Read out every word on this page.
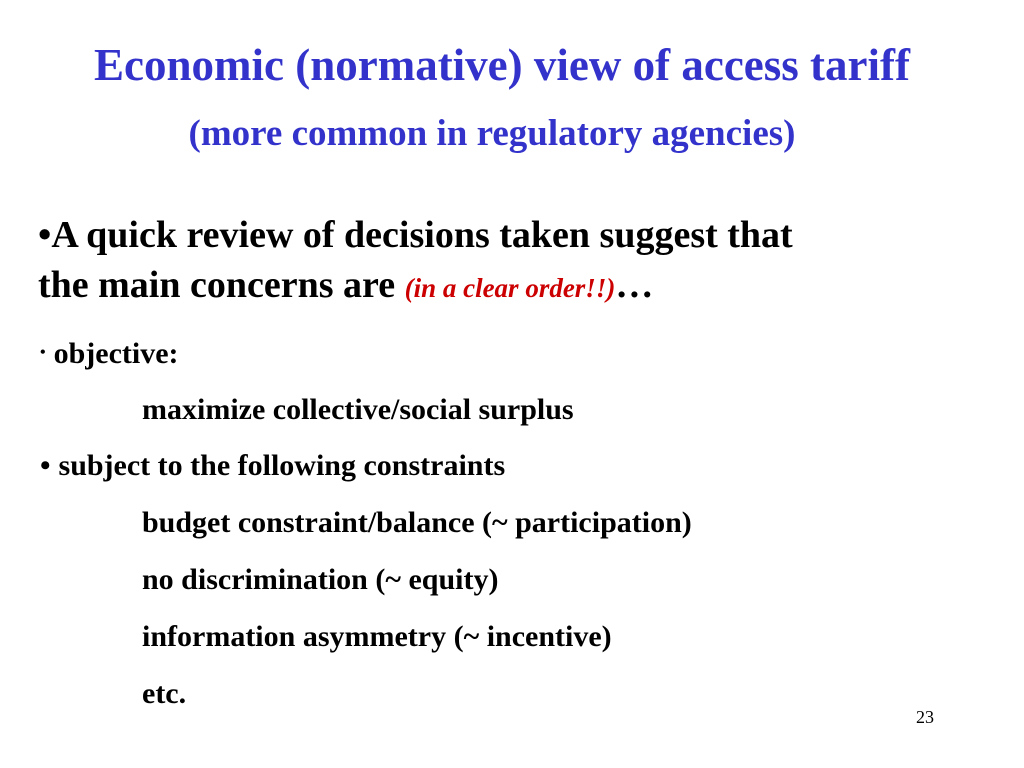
Economic (normative) view of access tariff
(more common in regulatory agencies)
•A quick review of decisions taken suggest that
the main concerns are (in a clear order!!)…
• objective:
maximize collective/social surplus
• subject to the following constraints
budget constraint/balance (~ participation)
no discrimination (~ equity)
information asymmetry (~ incentive)
etc.
23
